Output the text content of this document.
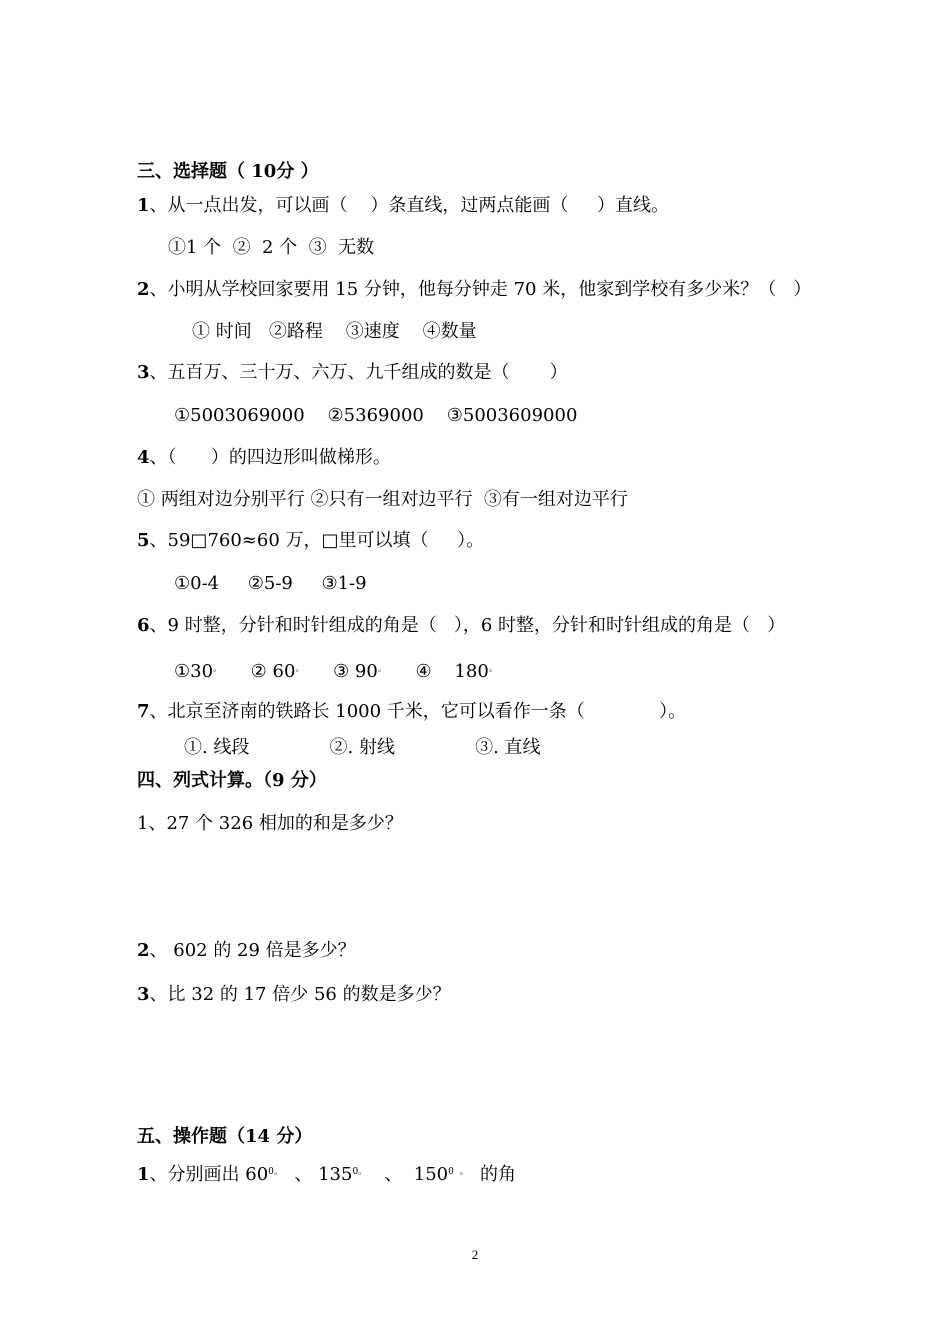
三、选择题（ 10分 ）
1、从一点出发，可以画（    ）条直线，过两点能画（     ）直线。
①1 个  ②  2 个  ③  无数
2、小明从学校回家要用 15 分钟，他每分钟走 70 米，他家到学校有多少米？（   ）
① 时间   ②路程    ③速度    ④数量
3、五百万、三十万、六万、九千组成的数是（       ）
①5003069000    ②5369000    ③5003609000
4、（      ）的四边形叫做梯形。
① 两组对边分别平行 ②只有一组对边平行  ③有一组对边平行
5、59□760≈60 万，□里可以填（     ）。
①0-4     ②5-9     ③1-9
6、9 时整，分针和时针组成的角是（   ），6 时整，分针和时针组成的角是（   ）
①30。 ② 60。 ③ 90。 ④    180。
7、北京至济南的铁路长 1000 千米，它可以看作一条（             ）。
①. 线段              ②. 射线              ③. 直线
四、列式计算。（9 分）
1、27 个 326 相加的和是多少？
2、 602 的 29 倍是多少？
3、比 32 的 17 倍少 56 的数是多少？
五、操作题（14 分）
1、分别画出 $60^{0。}$  、 $135^{0。}$   、  $150^{0 。}$  的角
2
